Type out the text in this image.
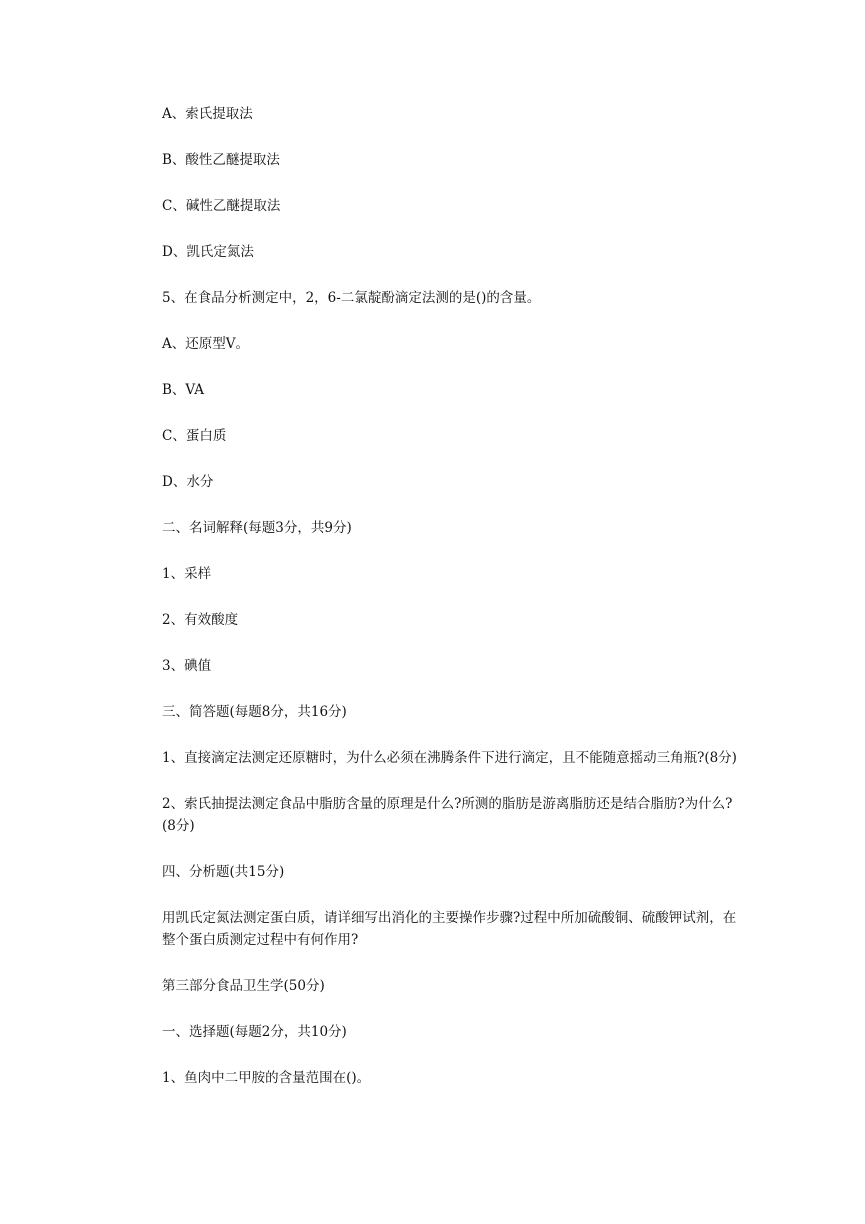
A、索氏提取法

B、酸性乙醚提取法

C、碱性乙醚提取法

D、凯氏定氮法

5、在食品分析测定中，2，6-二氯靛酚滴定法测的是()的含量。

A、还原型V。

B、VA

C、蛋白质

D、水分

二、名词解释(每题3分，共9分)

1、采样

2、有效酸度

3、碘值

三、简答题(每题8分，共16分)

1、直接滴定法测定还原糖时，为什么必须在沸腾条件下进行滴定，且不能随意摇动三角瓶?(8分)

2、索氏抽提法测定食品中脂肪含量的原理是什么?所测的脂肪是游离脂肪还是结合脂肪?为什么?(8分)

四、分析题(共15分)

用凯氏定氮法测定蛋白质，请详细写出消化的主要操作步骤?过程中所加硫酸铜、硫酸钾试剂，在整个蛋白质测定过程中有何作用?

第三部分食品卫生学(50分)

一、选择题(每题2分，共10分)

1、鱼肉中二甲胺的含量范围在()。
